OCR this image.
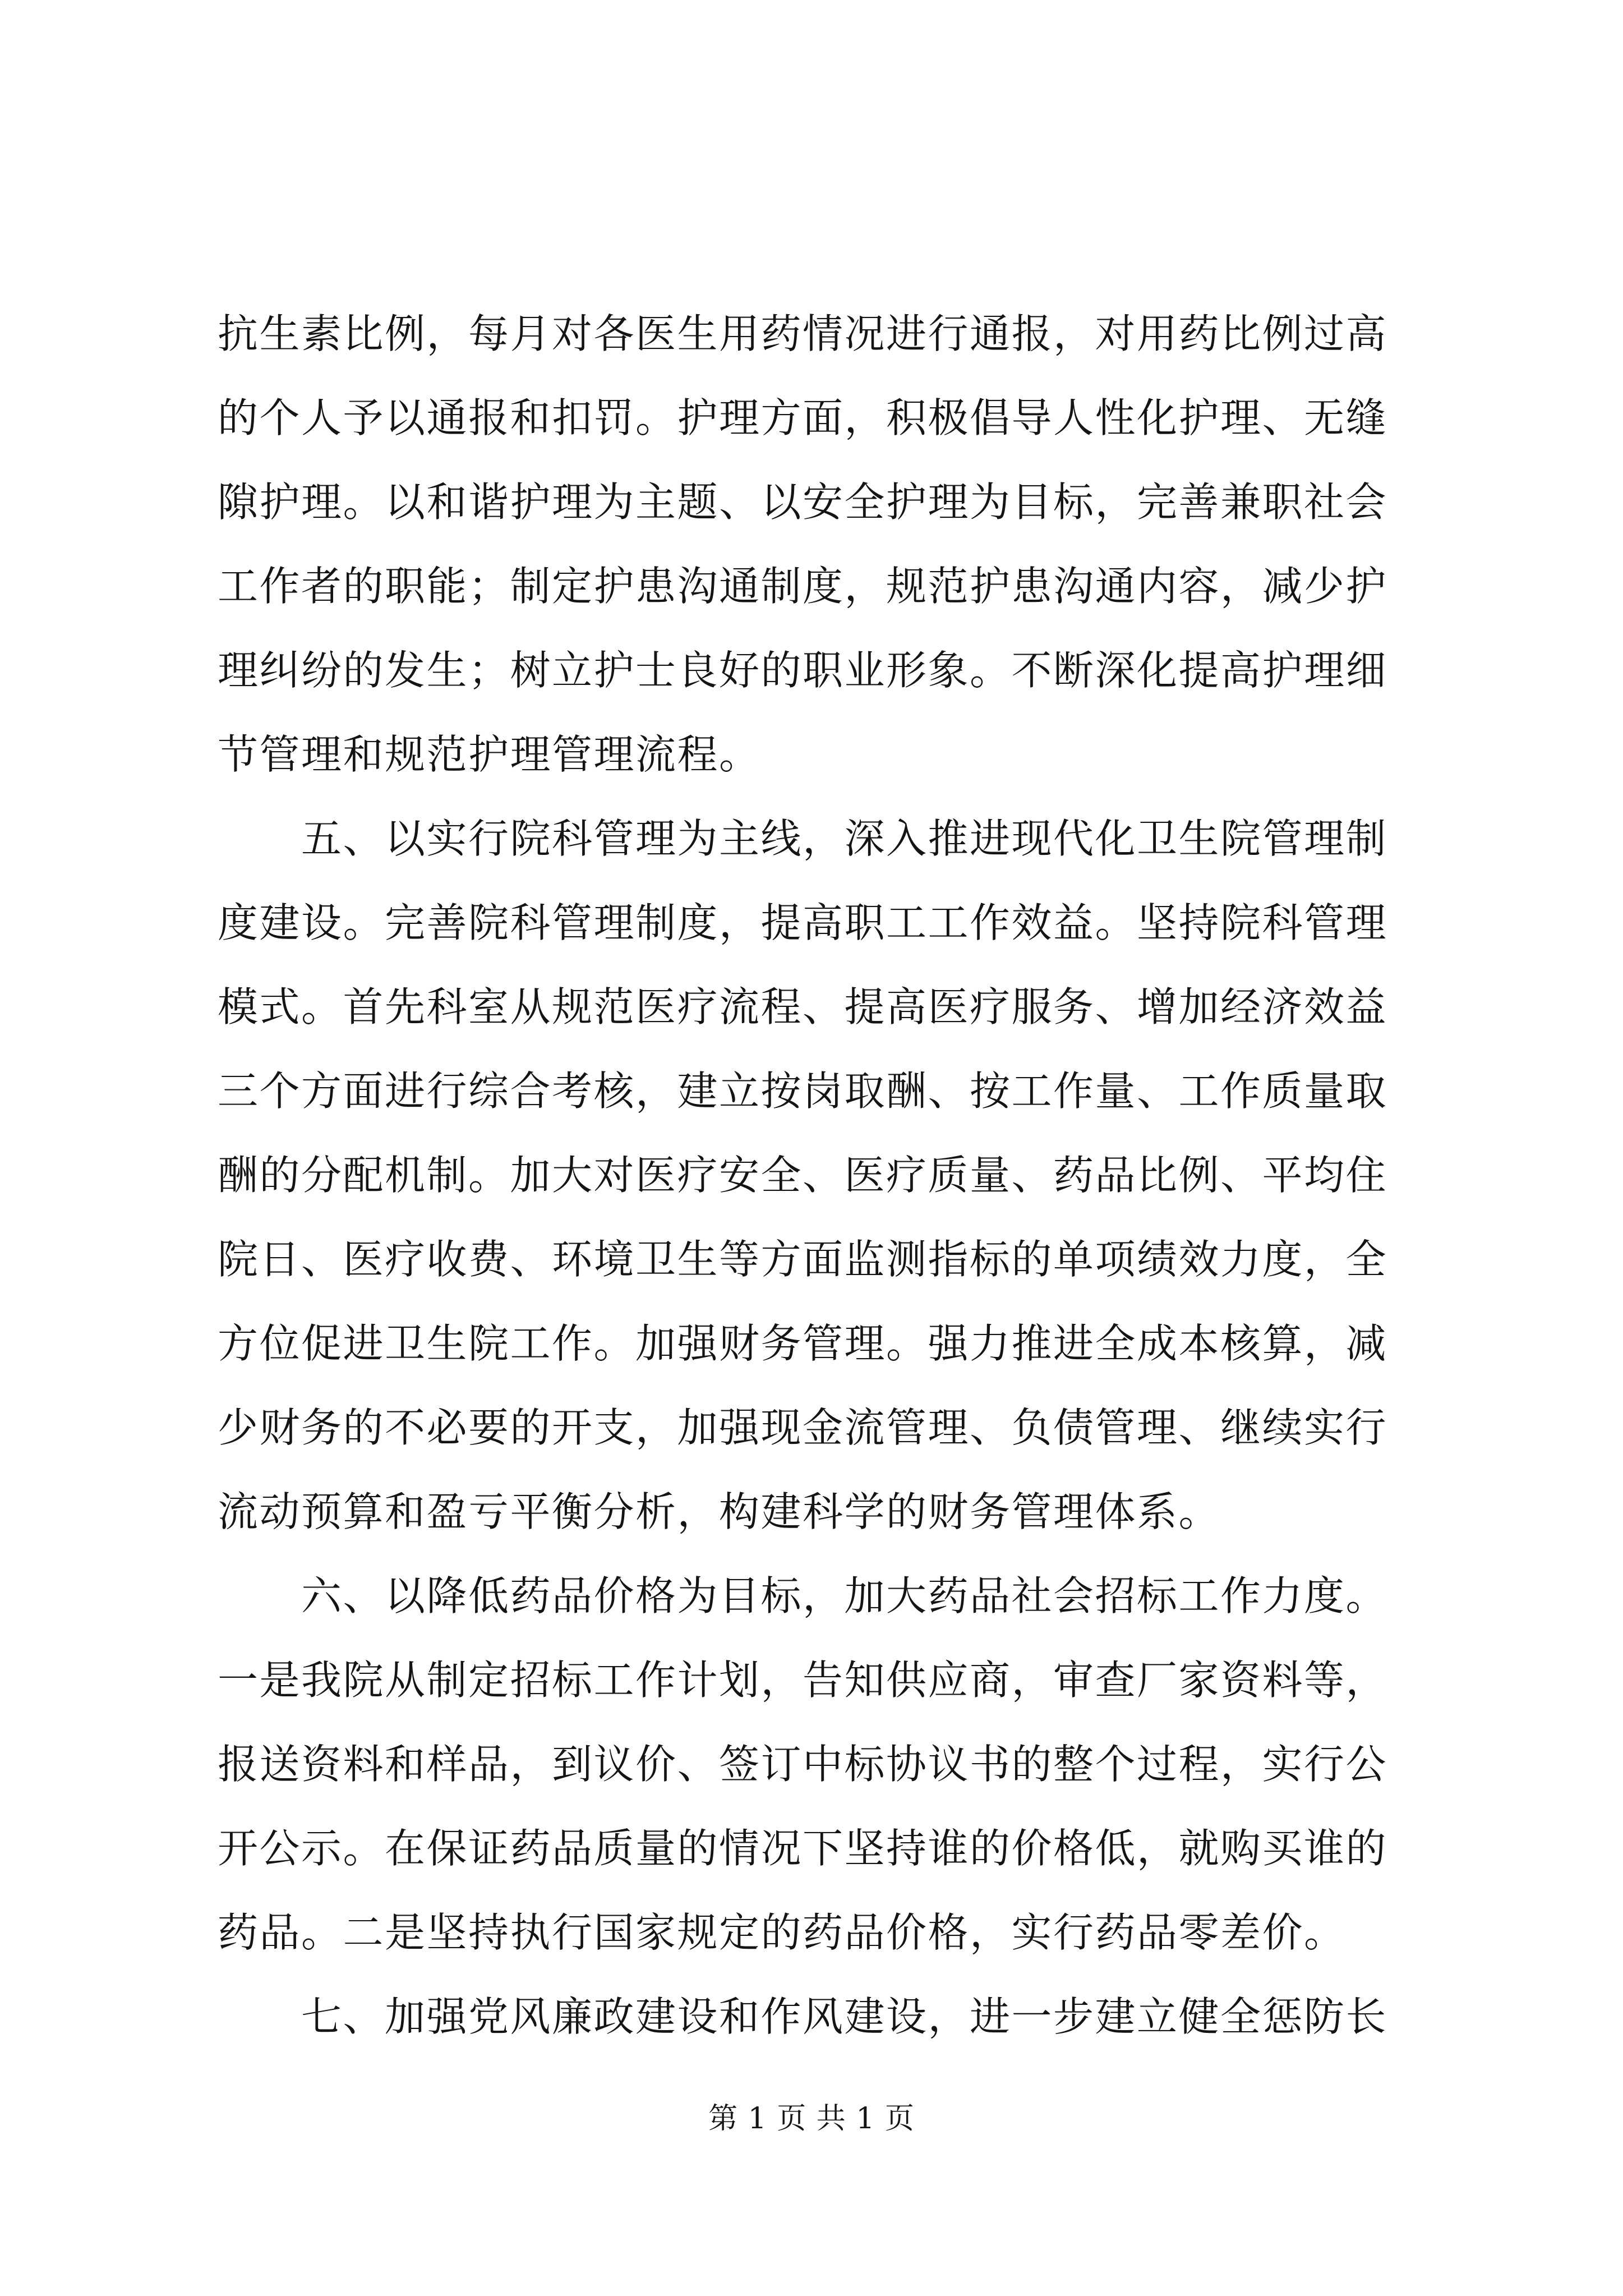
抗生素比例，每月对各医生用药情况进行通报，对用药比例过高
的个人予以通报和扣罚。护理方面，积极倡导人性化护理、无缝
隙护理。以和谐护理为主题、以安全护理为目标，完善兼职社会
工作者的职能；制定护患沟通制度，规范护患沟通内容，减少护
理纠纷的发生；树立护士良好的职业形象。不断深化提高护理细
节管理和规范护理管理流程。
　　五、以实行院科管理为主线，深入推进现代化卫生院管理制
度建设。完善院科管理制度，提高职工工作效益。坚持院科管理
模式。首先科室从规范医疗流程、提高医疗服务、增加经济效益
三个方面进行综合考核，建立按岗取酬、按工作量、工作质量取
酬的分配机制。加大对医疗安全、医疗质量、药品比例、平均住
院日、医疗收费、环境卫生等方面监测指标的单项绩效力度，全
方位促进卫生院工作。加强财务管理。强力推进全成本核算，减
少财务的不必要的开支，加强现金流管理、负债管理、继续实行
流动预算和盈亏平衡分析，构建科学的财务管理体系。
　　六、以降低药品价格为目标，加大药品社会招标工作力度。
一是我院从制定招标工作计划，告知供应商，审查厂家资料等，
报送资料和样品，到议价、签订中标协议书的整个过程，实行公
开公示。在保证药品质量的情况下坚持谁的价格低，就购买谁的
药品。二是坚持执行国家规定的药品价格，实行药品零差价。
　　七、加强党风廉政建设和作风建设，进一步建立健全惩防长
第 1 页 共 1 页
